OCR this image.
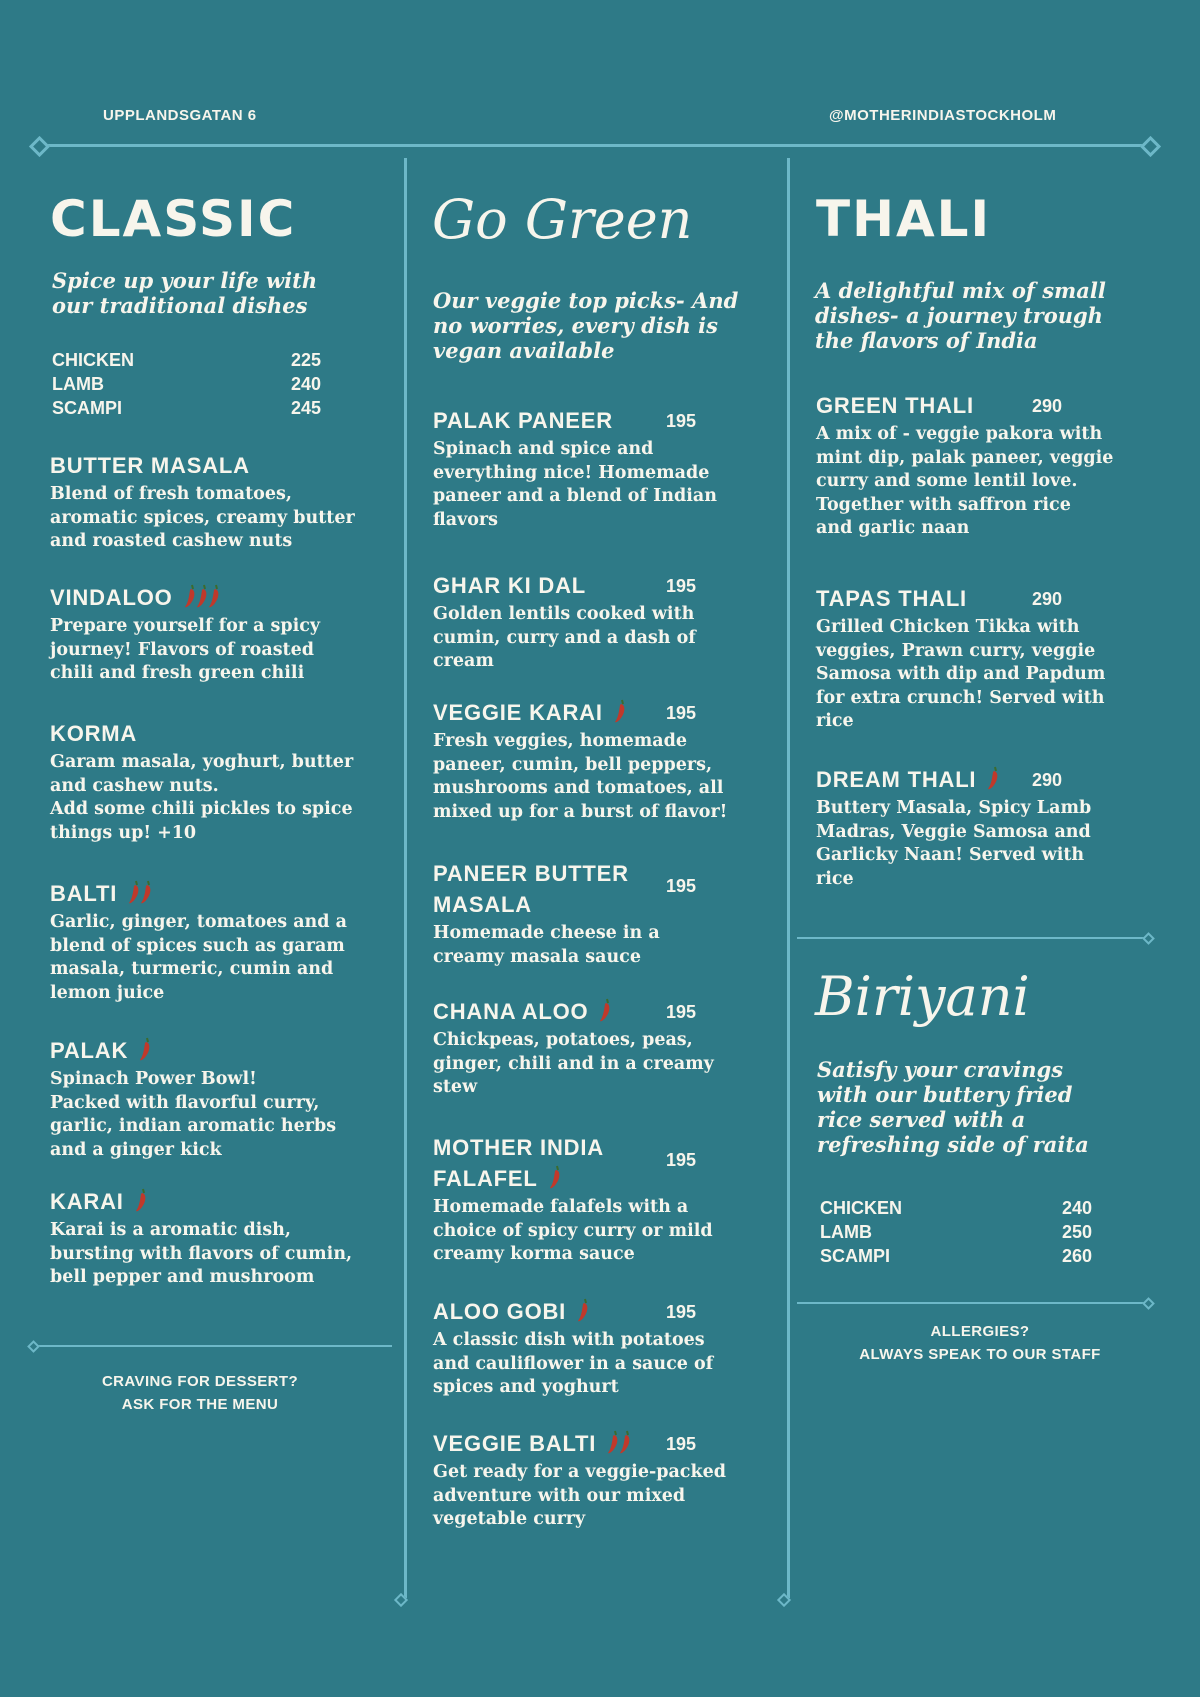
UPPLANDSGATAN 6	@MOTHERINDIASTOCKHOLM
CLASSIC	Go Green THALI
Biriyani
CRAVING FOR DESSERT?
ASK FOR THE MENU
ALLERGIES?
ALWAYS SPEAK TO OUR STAFF
Spice up your life with
our traditional dishes
CHICKEN	225
LAMB	240
SCAMPI	245
BUTTER MASALA
Blend of fresh tomatoes,
aromatic spices, creamy butter
and roasted cashew nuts
VINDALOO
Prepare yourself for a spicy
journey! Flavors of roasted
chili and fresh green chili
KORMA
Garam masala, yoghurt, butter
and cashew nuts.
Add some chili pickles to spice
things up! +10
BALTI
Garlic, ginger, tomatoes and a
blend of spices such as garam
masala, turmeric, cumin and
lemon juice
PALAK
Spinach Power Bowl!
Packed with flavorful curry,
garlic, indian aromatic herbs
and a ginger kick
KARAI
Karai is a aromatic dish,
bursting with flavors of cumin,
bell pepper and mushroom
Our veggie top picks- And
no worries, every dish is
vegan available
PALAK PANEER	195
Spinach and spice and
everything nice! Homemade
paneer and a blend of Indian
flavors
GHAR KI DAL	195
Golden lentils cooked with
cumin, curry and a dash of
cream
VEGGIE KARAI	195
Fresh veggies, homemade
paneer, cumin, bell peppers,
mushrooms and tomatoes, all
mixed up for a burst of flavor!
PANEER BUTTER
MASALA
195
Homemade cheese in a
creamy masala sauce
CHANA ALOO	195
Chickpeas, potatoes, peas,
ginger, chili and in a creamy
stew
MOTHER INDIA
FALAFEL
195
Homemade falafels with a
choice of spicy curry or mild
creamy korma sauce
ALOO GOBI	195
A classic dish with potatoes
and cauliflower in a sauce of
spices and yoghurt
VEGGIE BALTI	195
Get ready for a veggie-packed
adventure with our mixed
vegetable curry
A delightful mix of small
dishes- a journey trough
the flavors of India
GREEN THALI	290
A mix of - veggie pakora with
mint dip, palak paneer, veggie
curry and some lentil love.
Together with saffron rice
and garlic naan
TAPAS THALI	290
Grilled Chicken Tikka with
veggies, Prawn curry, veggie
Samosa with dip and Papdum
for extra crunch! Served with
rice
DREAM THALI	290
Buttery Masala, Spicy Lamb
Madras, Veggie Samosa and
Garlicky Naan! Served with
rice
Satisfy your cravings
with our buttery fried
rice served with a
refreshing side of raita
CHICKEN	240
LAMB	250
SCAMPI	260
